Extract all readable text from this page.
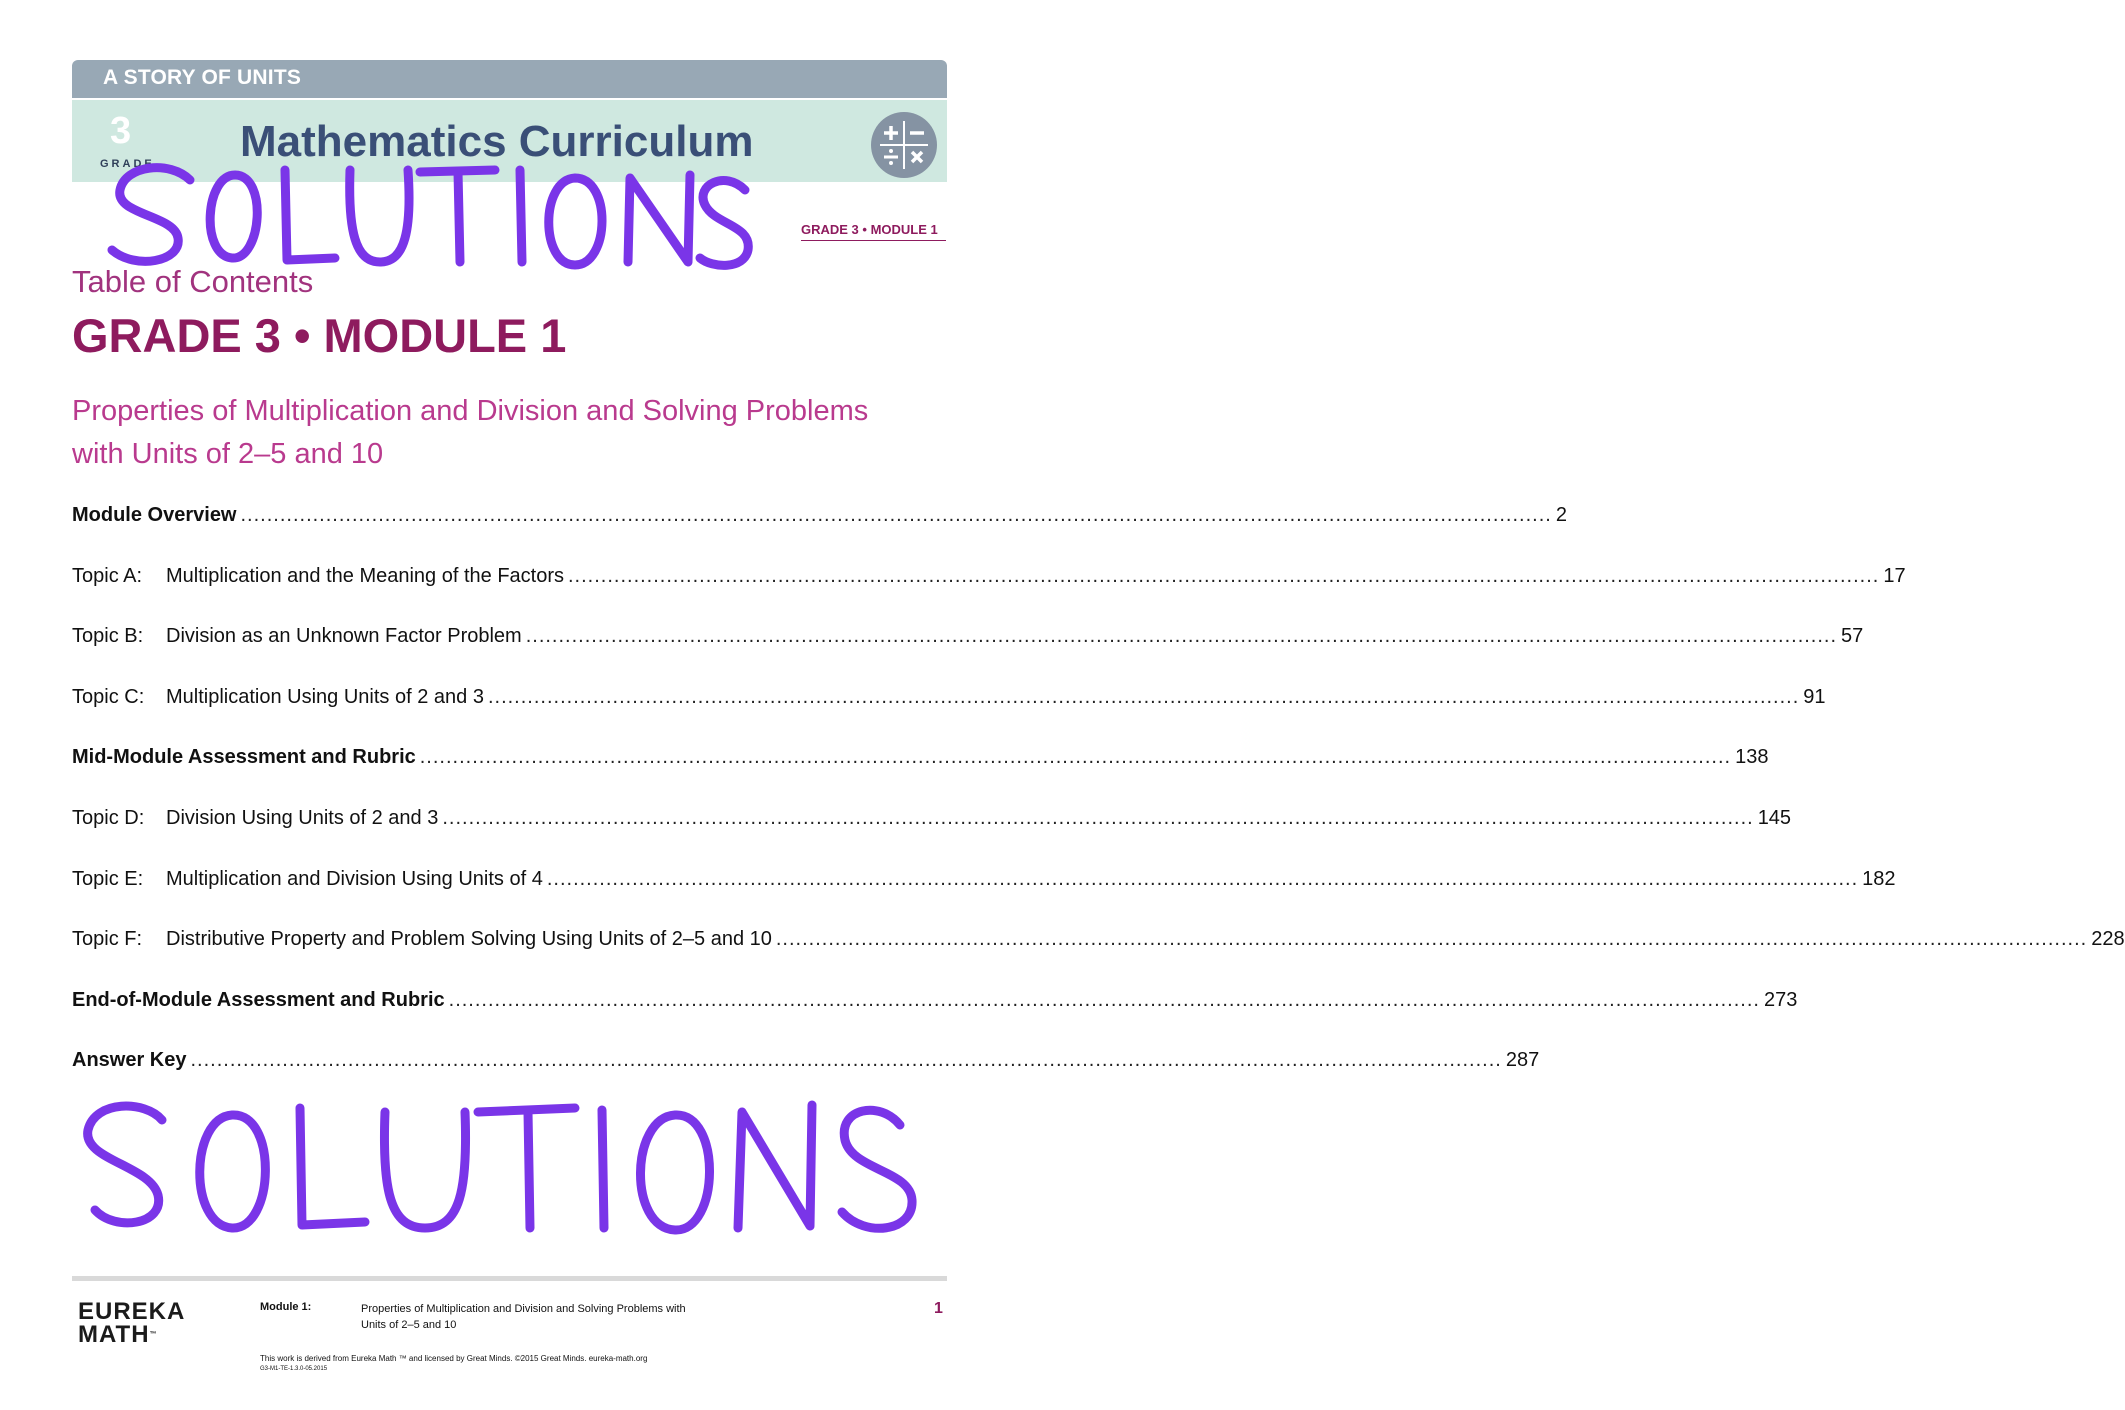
A STORY OF UNITS
3
GRADE Mathematics Curriculum
GRADE 3 • MODULE 1
Table of Contents
GRADE 3 • MODULE 1
Properties of Multiplication and Division and Solving Problems with Units of 2–5 and 10
Module Overview ........................................................................................................................................................................................................ 2
Topic A:	Multiplication and the Meaning of the Factors ........................................................................................................................................................................................................ 17
Topic B:	Division as an Unknown Factor Problem ........................................................................................................................................................................................................ 57
Topic C:	Multiplication Using Units of 2 and 3 ........................................................................................................................................................................................................ 91
Mid-Module Assessment and Rubric ........................................................................................................................................................................................................ 138
Topic D:	Division Using Units of 2 and 3 ........................................................................................................................................................................................................ 145
Topic E:	Multiplication and Division Using Units of 4 ........................................................................................................................................................................................................ 182
Topic F:	Distributive Property and Problem Solving Using Units of 2–5 and 10 ........................................................................................................................................................................................................ 228
End-of-Module Assessment and Rubric ........................................................................................................................................................................................................ 273
Answer Key ........................................................................................................................................................................................................ 287
EUREKA
MATH™
Module 1:	Properties of Multiplication and Division and Solving Problems with
Units of 2–5 and 10
1
This work is derived from Eureka Math ™ and licensed by Great Minds. ©2015 Great Minds. eureka-math.org
G3-M1-TE-1.3.0-05.2015
